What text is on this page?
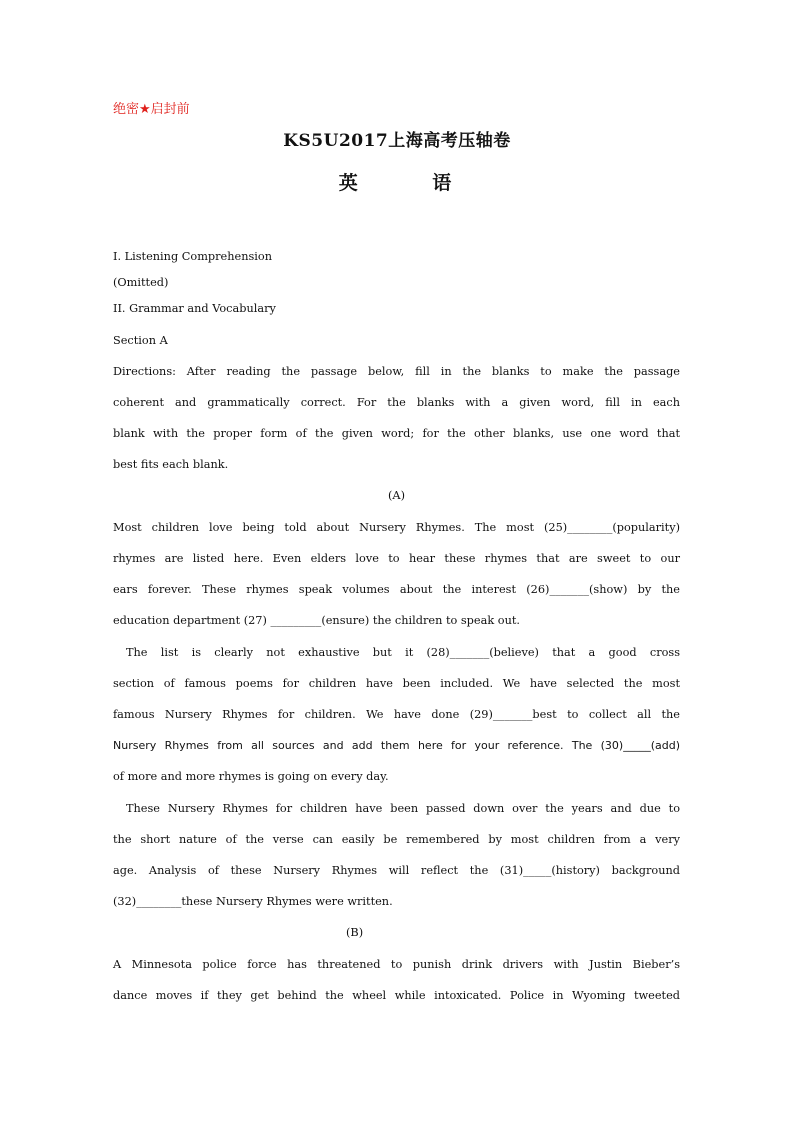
绝密★启封前
KS5U2017上海高考压轴卷
英 语
I. Listening Comprehension
(Omitted)
II. Grammar and Vocabulary
Section A
Directions: After reading the passage below, fill in the blanks to make the passage
coherent and grammatically correct. For the blanks with a given word, fill in each
blank with the proper form of the given word; for the other blanks, use one word that
best fits each blank.
(A)
Most children love being told about Nursery Rhymes. The most (25)________(popularity)
rhymes are listed here. Even elders love to hear these rhymes that are sweet to our
ears forever. These rhymes speak volumes about the interest (26)_______(show) by the
education department (27) _________(ensure) the children to speak out.
The list is clearly not exhaustive but it (28)_______(believe) that a good cross
section of famous poems for children have been included. We have selected the most
famous Nursery Rhymes for children. We have done (29)_______best to collect all the
Nursery Rhymes from all sources and add them here for your reference. The (30)_____(add)
of more and more rhymes is going on every day.
These Nursery Rhymes for children have been passed down over the years and due to
the short nature of the verse can easily be remembered by most children from a very
age. Analysis of these Nursery Rhymes will reflect the (31)_____(history) background
(32)________these Nursery Rhymes were written.
(B)
A Minnesota police force has threatened to punish drink drivers with Justin Bieber’s
dance moves if they get behind the wheel while intoxicated. Police in Wyoming tweeted
